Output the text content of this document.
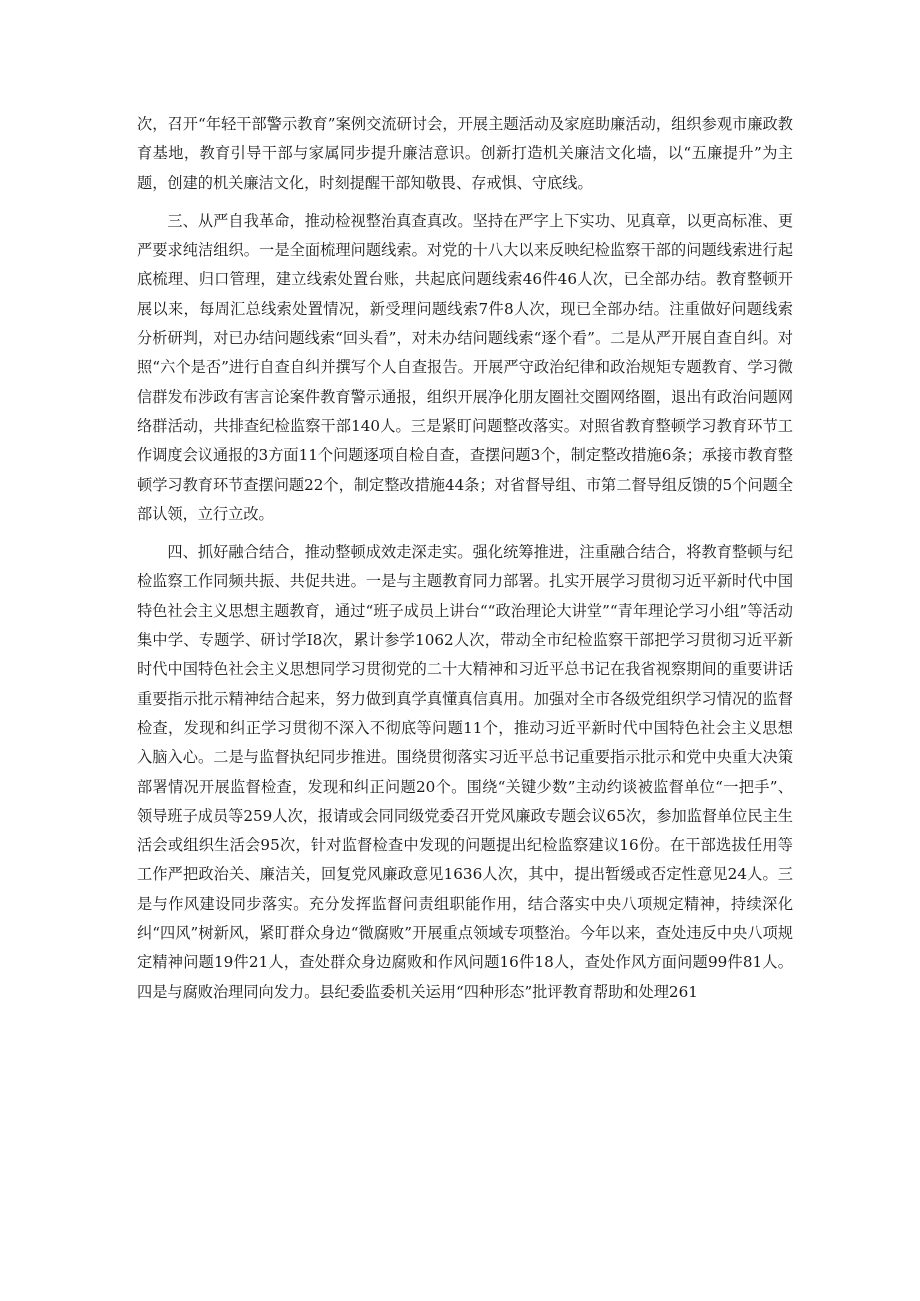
次，召开“年轻干部警示教育”案例交流研讨会，开展主题活动及家庭助廉活动，组织参观市廉政教育基地，教育引导干部与家属同步提升廉洁意识。创新打造机关廉洁文化墙，以“五廉提升”为主题，创建的机关廉洁文化，时刻提醒干部知敬畏、存戒惧、守底线。

三、从严自我革命，推动检视整治真查真改。坚持在严字上下实功、见真章，以更高标准、更严要求纯洁组织。一是全面梳理问题线索。对党的十八大以来反映纪检监察干部的问题线索进行起底梳理、归口管理，建立线索处置台账，共起底问题线索46件46人次，已全部办结。教育整顿开展以来，每周汇总线索处置情况，新受理问题线索7件8人次，现已全部办结。注重做好问题线索分析研判，对已办结问题线索“回头看”，对未办结问题线索“逐个看”。二是从严开展自查自纠。对照“六个是否”进行自查自纠并撰写个人自查报告。开展严守政治纪律和政治规矩专题教育、学习微信群发布涉政有害言论案件教育警示通报，组织开展净化朋友圈社交圈网络圈，退出有政治问题网络群活动，共排查纪检监察干部140人。三是紧盯问题整改落实。对照省教育整顿学习教育环节工作调度会议通报的3方面11个问题逐项自检自查，查摆问题3个，制定整改措施6条；承接市教育整顿学习教育环节查摆问题22个，制定整改措施44条；对省督导组、市第二督导组反馈的5个问题全部认领，立行立改。

四、抓好融合结合，推动整顿成效走深走实。强化统筹推进，注重融合结合，将教育整顿与纪检监察工作同频共振、共促共进。一是与主题教育同力部署。扎实开展学习贯彻习近平新时代中国特色社会主义思想主题教育，通过“班子成员上讲台““政治理论大讲堂”“青年理论学习小组”等活动集中学、专题学、研讨学I8次，累计参学1062人次，带动全市纪检监察干部把学习贯彻习近平新时代中国特色社会主义思想同学习贯彻党的二十大精神和习近平总书记在我省视察期间的重要讲话重要指示批示精神结合起来，努力做到真学真懂真信真用。加强对全市各级党组织学习情况的监督检查，发现和纠正学习贯彻不深入不彻底等问题11个，推动习近平新时代中国特色社会主义思想入脑入心。二是与监督执纪同步推进。围绕贯彻落实习近平总书记重要指示批示和党中央重大决策部署情况开展监督检查，发现和纠正问题20个。围绕“关键少数”主动约谈被监督单位“一把手”、领导班子成员等259人次，报请或会同同级党委召开党风廉政专题会议65次，参加监督单位民主生活会或组织生活会95次，针对监督检查中发现的问题提出纪检监察建议16份。在干部选拔任用等工作严把政治关、廉洁关，回复党风廉政意见1636人次，其中，提出暂缓或否定性意见24人。三是与作风建设同步落实。充分发挥监督问责组职能作用，结合落实中央八项规定精神，持续深化纠“四风”树新风，紧盯群众身边“微腐败”开展重点领域专项整治。今年以来，查处违反中央八项规定精神问题19件21人，查处群众身边腐败和作风问题16件18人，查处作风方面问题99件81人。四是与腐败治理同向发力。县纪委监委机关运用“四种形态”批评教育帮助和处理261
